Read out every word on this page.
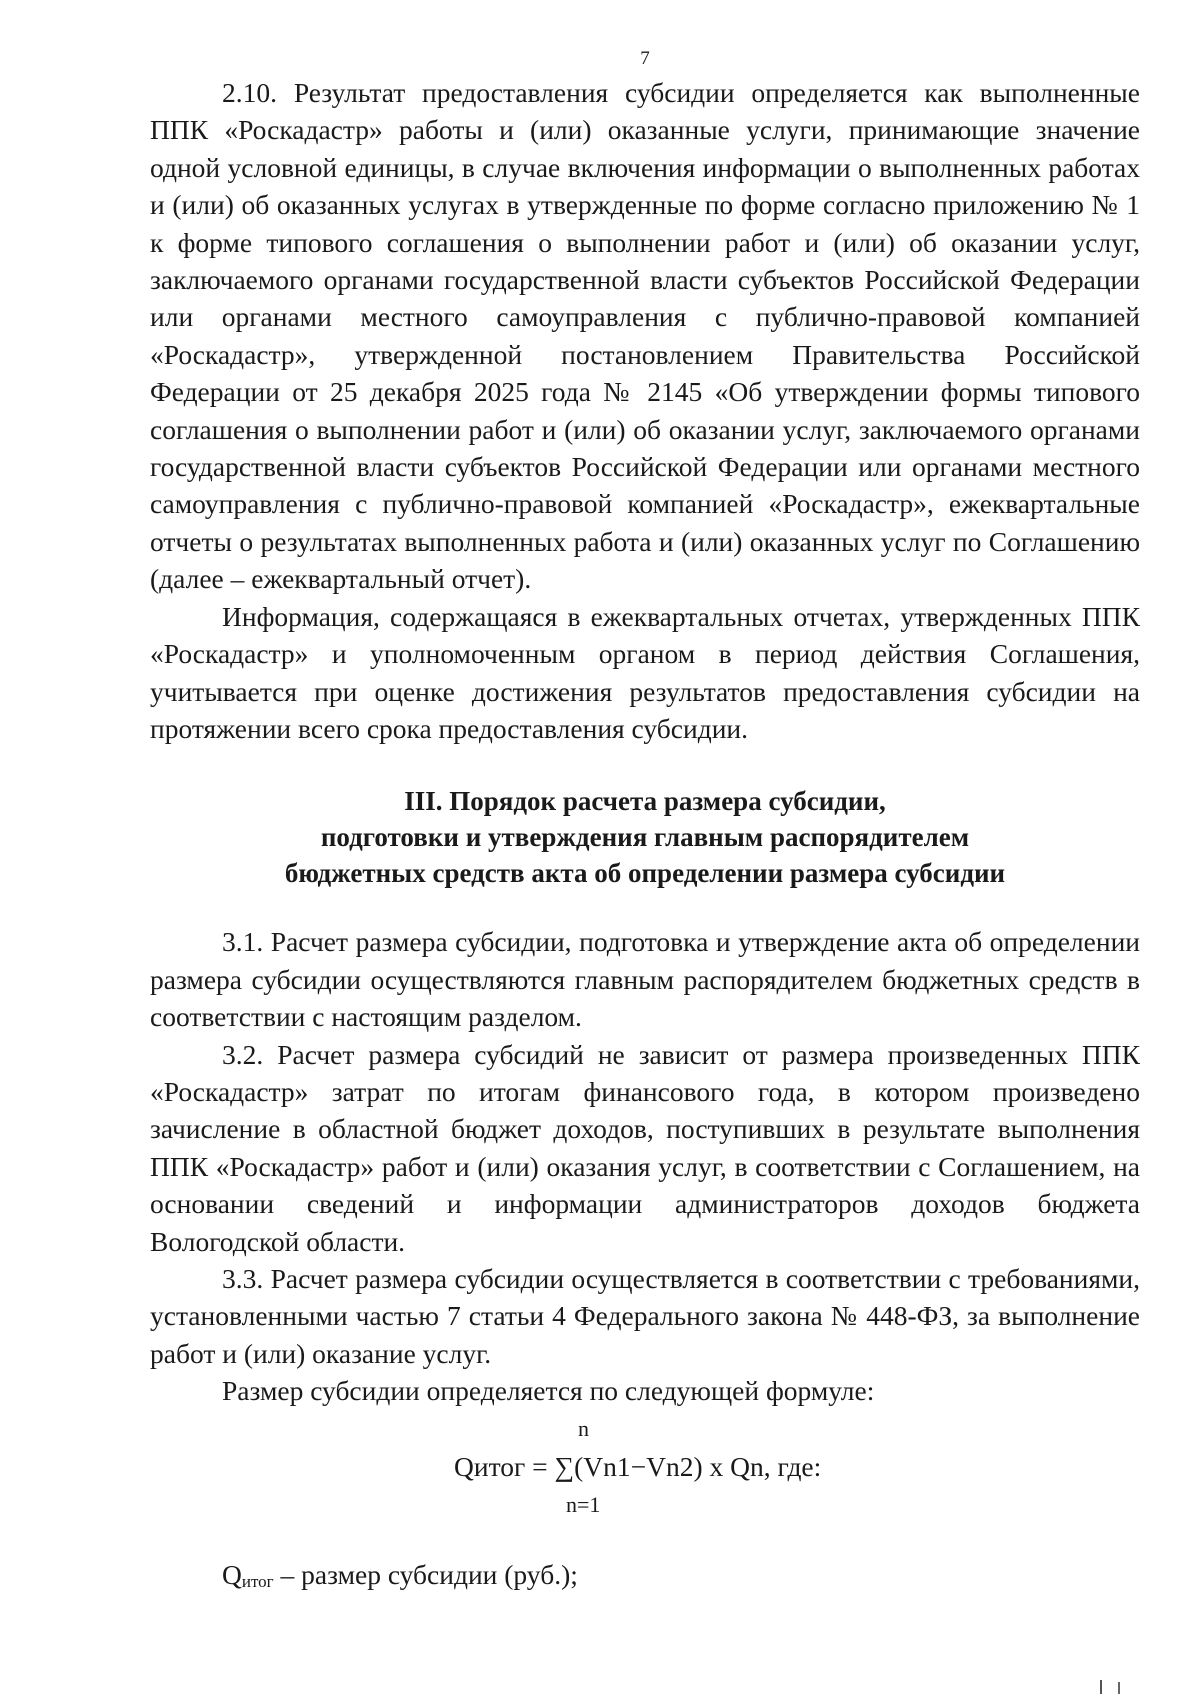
7

2.10. Результат предоставления субсидии определяется как выполненные ППК «Роскадастр» работы и (или) оказанные услуги, принимающие значение одной условной единицы, в случае включения информации о выполненных работах и (или) об оказанных услугах в утвержденные по форме согласно приложению № 1 к форме типового соглашения о выполнении работ и (или) об оказании услуг, заключаемого органами государственной власти субъектов Российской Федерации или органами местного самоуправления с публично-правовой компанией «Роскадастр», утвержденной постановлением Правительства Российской Федерации от 25 декабря 2025 года № 2145 «Об утверждении формы типового соглашения о выполнении работ и (или) об оказании услуг, заключаемого органами государственной власти субъектов Российской Федерации или органами местного самоуправления с публично-правовой компанией «Роскадастр», ежеквартальные отчеты о результатах выполненных работа и (или) оказанных услуг по Соглашению (далее – ежеквартальный отчет).

Информация, содержащаяся в ежеквартальных отчетах, утвержденных ППК «Роскадастр» и уполномоченным органом в период действия Соглашения, учитывается при оценке достижения результатов предоставления субсидии на протяжении всего срока предоставления субсидии.

III. Порядок расчета размера субсидии,
подготовки и утверждения главным распорядителем
бюджетных средств акта об определении размера субсидии

3.1. Расчет размера субсидии, подготовка и утверждение акта об определении размера субсидии осуществляются главным распорядителем бюджетных средств в соответствии с настоящим разделом.

3.2. Расчет размера субсидий не зависит от размера произведенных ППК «Роскадастр» затрат по итогам финансового года, в котором произведено зачисление в областной бюджет доходов, поступивших в результате выполнения ППК «Роскадастр» работ и (или) оказания услуг, в соответствии с Соглашением, на основании сведений и информации администраторов доходов бюджета Вологодской области.

3.3. Расчет размера субсидии осуществляется в соответствии с требованиями, установленными частью 7 статьи 4 Федерального закона № 448-ФЗ, за выполнение работ и (или) оказание услуг.

Размер субсидии определяется по следующей формуле:

n
Qитог = ∑(Vn1−Vn2) x Qn, где:
n=1

Qитог – размер субсидии (руб.);
